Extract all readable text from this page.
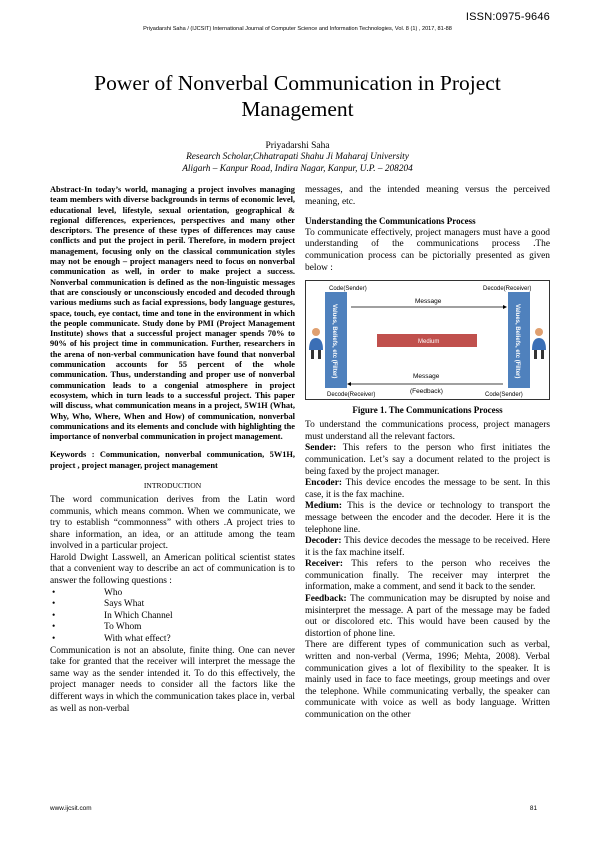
ISSN:0975-9646
Priyadarshi Saha / (IJCSIT) International Journal of Computer Science and Information Technologies, Vol. 8 (1) , 2017, 81-88
Power of Nonverbal Communication in Project Management
Priyadarshi Saha
Research Scholar,Chhatrapati Shahu Ji Maharaj University
Aligarh – Kanpur Road, Indira Nagar, Kanpur, U.P. – 208204

Abstract-In today’s world, managing a project involves managing team members with diverse backgrounds in terms of economic level, educational level, lifestyle, sexual orientation, geographical & regional differences, experiences, perspectives and many other descriptors. The presence of these types of differences may cause conflicts and put the project in peril. Therefore, in modern project management, focusing only on the classical communication styles may not be enough – project managers need to focus on nonverbal communication as well, in order to make project a success. Nonverbal communication is defined as the non-linguistic messages that are consciously or unconsciously encoded and decoded through various mediums such as facial expressions, body language gestures, space, touch, eye contact, time and tone in the environment in which the people communicate. Study done by PMI (Project Management Institute) shows that a successful project manager spends 70% to 90% of his project time in communication. Further, researchers in the arena of non-verbal communication have found that nonverbal communication accounts for 55 percent of the whole communication. Thus, understanding and proper use of nonverbal communication leads to a congenial atmosphere in project ecosystem, which in turn leads to a successful project. This paper will discuss, what communication means in a project, 5W1H (What, Why, Who, Where, When and How) of communication, nonverbal communications and its elements and conclude with highlighting the importance of nonverbal communication in project management.

Keywords : Communication, nonverbal communication, 5W1H, project , project manager, project management

INTRODUCTION

The word communication derives from the Latin word communis, which means common. When we communicate, we try to establish “commonness” with others .A project tries to share information, an idea, or an attitude among the team involved in a particular project.

Harold Dwight Lasswell, an American political scientist states that a convenient way to describe an act of communication is to answer the following questions :

• Who
• Says What
• In Which Channel
• To Whom
• With what effect?

Communication is not an absolute, finite thing. One can never take for granted that the receiver will interpret the message the same way as the sender intended it. To do this effectively, the project manager needs to consider all the factors like the different ways in which the communication takes place in, verbal as well as non-verbal

messages, and the intended meaning versus the perceived meaning, etc.

Understanding the Communications Process

To communicate effectively, project managers must have a good understanding of the communications process .The communication process can be pictorially presented as given below :

Values, Beliefs, etc (Filter)	Values, Beliefs, etc (Filter)
Code(Sender)	Decode(Receiver)
Message
Medium
Message
(Feedback)
Decode(Receiver)	Code(Sender)

Figure 1. The Communications Process

To understand the communications process, project managers must understand all the relevant factors.

Sender: This refers to the person who first initiates the communication. Let’s say a document related to the project is being faxed by the project manager.

Encoder: This device encodes the message to be sent. In this case, it is the fax machine.

Medium: This is the device or technology to transport the message between the encoder and the decoder. Here it is the telephone line.

Decoder: This device decodes the message to be received. Here it is the fax machine itself.

Receiver: This refers to the person who receives the communication finally. The receiver may interpret the information, make a comment, and send it back to the sender.

Feedback: The communication may be disrupted by noise and misinterpret the message. A part of the message may be faded out or discolored etc. This would have been caused by the distortion of phone line.

There are different types of communication such as verbal, written and non-verbal (Verma, 1996; Mehta, 2008). Verbal communication gives a lot of flexibility to the speaker. It is mainly used in face to face meetings, group meetings and over the telephone. While communicating verbally, the speaker can communicate with voice as well as body language. Written communication on the other

www.ijcsit.com	81
